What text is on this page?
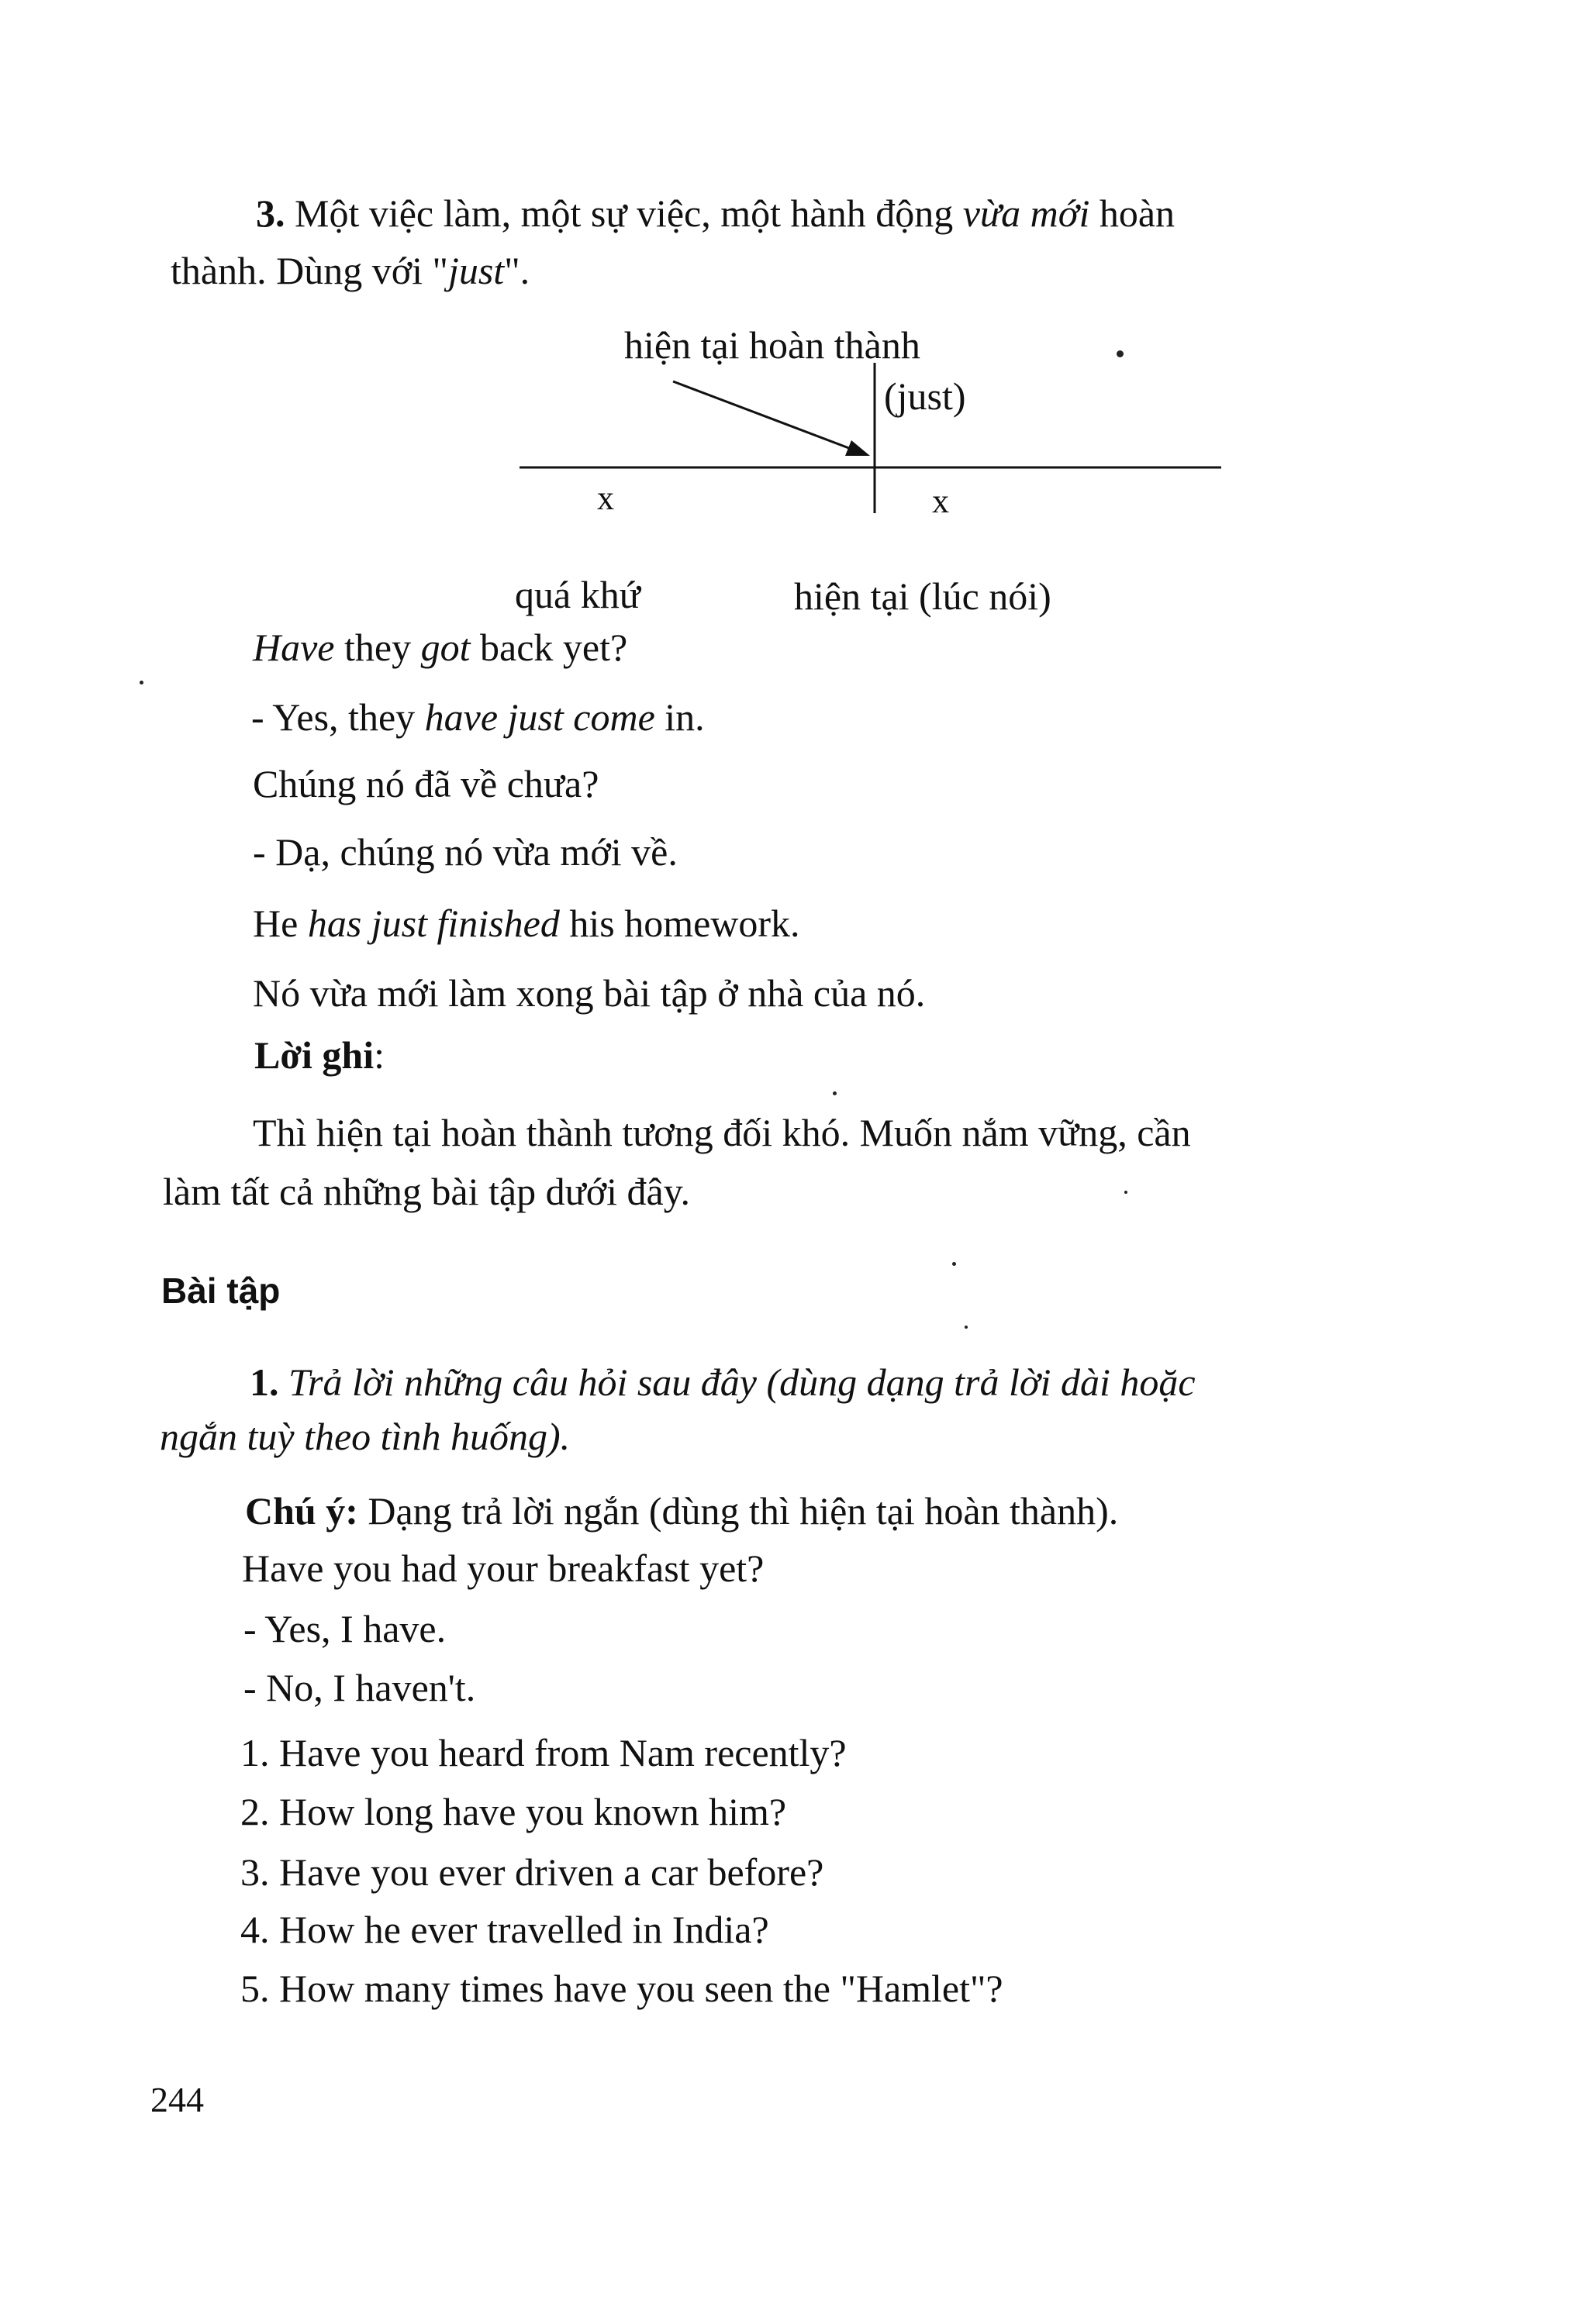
3. Một việc làm, một sự việc, một hành động vừa mới hoàn
thành. Dùng với "just".
hiện tại hoàn thành
(just)
x	x
quá khứ	hiện tại (lúc nói)
Have they got back yet?
- Yes, they have just come in.
Chúng nó đã về chưa?
- Dạ, chúng nó vừa mới về.
He has just finished his homework.
Nó vừa mới làm xong bài tập ở nhà của nó.
Lời ghi:
Thì hiện tại hoàn thành tương đối khó. Muốn nắm vững, cần
làm tất cả những bài tập dưới đây.
Bài tập
1. Trả lời những câu hỏi sau đây (dùng dạng trả lời dài hoặc
ngắn tuỳ theo tình huống).
Chú ý: Dạng trả lời ngắn (dùng thì hiện tại hoàn thành).
Have you had your breakfast yet?
- Yes, I have.
- No, I haven't.
1. Have you heard from Nam recently?
2. How long have you known him?
3. Have you ever driven a car before?
4. How he ever travelled in India?
5. How many times have you seen the "Hamlet"?
244
